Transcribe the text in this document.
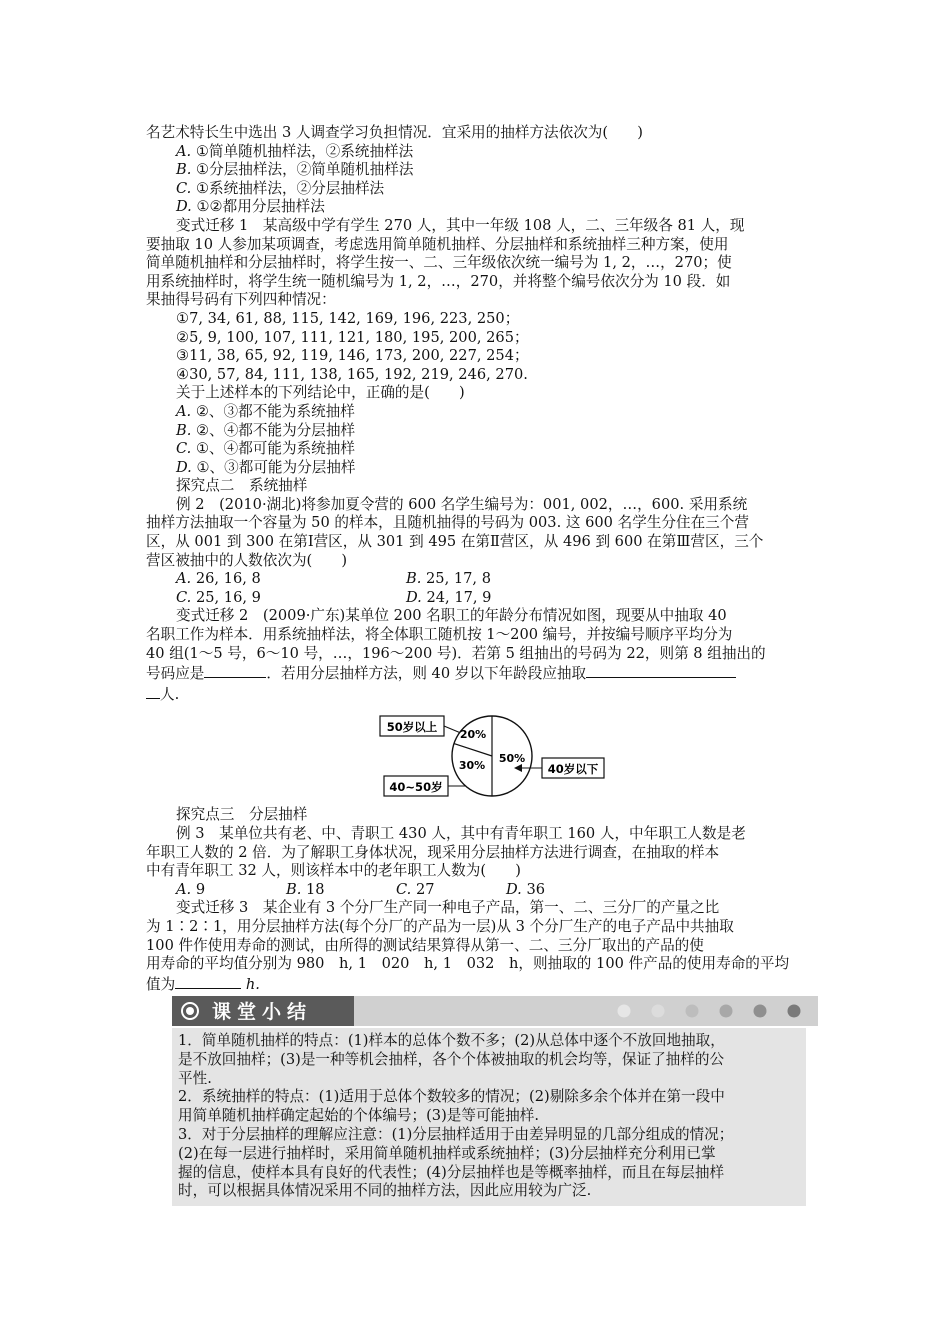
名艺术特长生中选出 3 人调查学习负担情况．宜采用的抽样方法依次为(　　)

A. ①简单随机抽样法，②系统抽样法

B. ①分层抽样法，②简单随机抽样法

C. ①系统抽样法，②分层抽样法

D. ①②都用分层抽样法

变式迁移 1　某高级中学有学生 270 人，其中一年级 108 人，二、三年级各 81 人，现

要抽取 10 人参加某项调查，考虑选用简单随机抽样、分层抽样和系统抽样三种方案，使用

简单随机抽样和分层抽样时，将学生按一、二、三年级依次统一编号为 1, 2，…，270；使

用系统抽样时，将学生统一随机编号为 1, 2，…，270，并将整个编号依次分为 10 段．如

果抽得号码有下列四种情况：

①7, 34, 61, 88, 115, 142, 169, 196, 223, 250；

②5, 9, 100, 107, 111, 121, 180, 195, 200, 265；

③11, 38, 65, 92, 119, 146, 173, 200, 227, 254；

④30, 57, 84, 111, 138, 165, 192, 219, 246, 270.

关于上述样本的下列结论中，正确的是(　　)

A. ②、③都不能为系统抽样

B. ②、④都不能为分层抽样

C. ①、④都可能为系统抽样

D. ①、③都可能为分层抽样

探究点二　系统抽样

例 2　(2010·湖北)将参加夏令营的 600 名学生编号为：001, 002，…，600. 采用系统

抽样方法抽取一个容量为 50 的样本，且随机抽得的号码为 003. 这 600 名学生分住在三个营

区，从 001 到 300 在第Ⅰ营区，从 301 到 495 在第Ⅱ营区，从 496 到 600 在第Ⅲ营区，三个

营区被抽中的人数依次为(　　)

A. 26, 16, 8	B. 25, 17, 8
C. 25, 16, 9	D. 24, 17, 9

变式迁移 2　(2009·广东)某单位 200 名职工的年龄分布情况如图，现要从中抽取 40

名职工作为样本．用系统抽样法，将全体职工随机按 1～200 编号，并按编号顺序平均分为

40 组(1～5 号，6～10 号，…，196～200 号)．若第 5 组抽出的号码为 22，则第 8 组抽出的

号码应是	．若用分层抽样方法，则 40 岁以下年龄段应抽取

人.

50岁以上
40~50岁
20%
30%
50%
40岁以下

探究点三　分层抽样

例 3　某单位共有老、中、青职工 430 人，其中有青年职工 160 人，中年职工人数是老

年职工人数的 2 倍．为了解职工身体状况，现采用分层抽样方法进行调查，在抽取的样本

中有青年职工 32 人，则该样本中的老年职工人数为(　　)

A. 9	B. 18	C. 27	D. 36

变式迁移 3　某企业有 3 个分厂生产同一种电子产品，第一、二、三分厂的产量之比

为 1∶2∶1，用分层抽样方法(每个分厂的产品为一层)从 3 个分厂生产的电子产品中共抽取

100 件作使用寿命的测试，由所得的测试结果算得从第一、二、三分厂取出的产品的使

用寿命的平均值分别为 980　h, 1　020　h, 1　032　h，则抽取的 100 件产品的使用寿命的平均

值为	h.

课堂小结

1．简单随机抽样的特点：(1)样本的总体个数不多；(2)从总体中逐个不放回地抽取，

是不放回抽样；(3)是一种等机会抽样，各个个体被抽取的机会均等，保证了抽样的公

平性.

2．系统抽样的特点：(1)适用于总体个数较多的情况；(2)剔除多余个体并在第一段中

用简单随机抽样确定起始的个体编号；(3)是等可能抽样.

3．对于分层抽样的理解应注意：(1)分层抽样适用于由差异明显的几部分组成的情况；

(2)在每一层进行抽样时，采用简单随机抽样或系统抽样；(3)分层抽样充分利用已掌

握的信息，使样本具有良好的代表性；(4)分层抽样也是等概率抽样，而且在每层抽样

时，可以根据具体情况采用不同的抽样方法，因此应用较为广泛.
